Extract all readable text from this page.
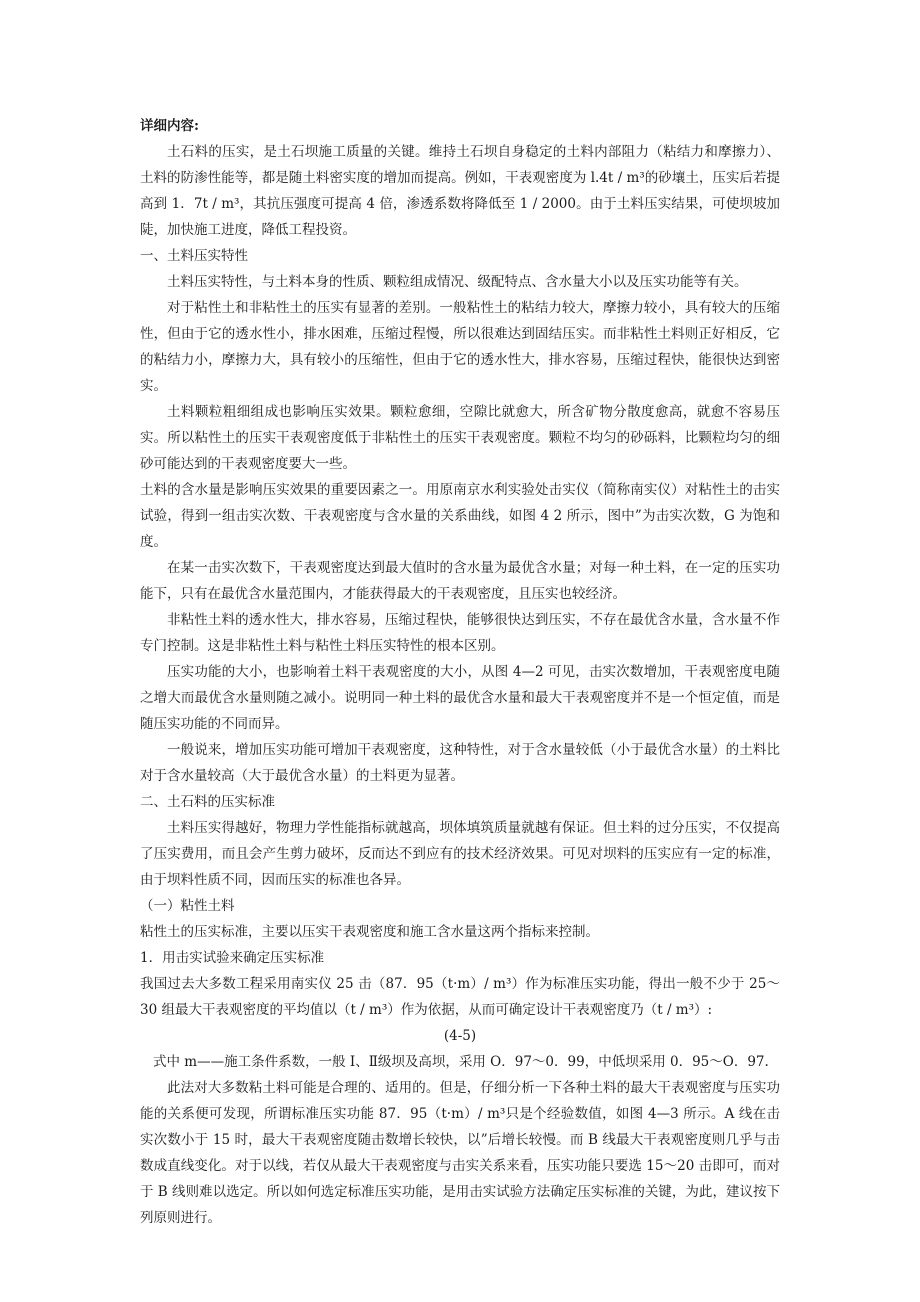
详细内容:

土石料的压实，是土石坝施工质量的关键。维持土石坝自身稳定的土料内部阻力（粘结力和摩擦力）、土料的防渗性能等，都是随土料密实度的增加而提高。例如，干表观密度为 l.4t / m³的砂壤土，压实后若提高到 1．7t / m³，其抗压强度可提高 4 倍，渗透系数将降低至 1 / 2000。由于土料压实结果，可使坝坡加陡，加快施工进度，降低工程投资。

一、土料压实特性

土料压实特性，与土料本身的性质、颗粒组成情况、级配特点、含水量大小以及压实功能等有关。

对于粘性土和非粘性土的压实有显著的差别。一般粘性土的粘结力较大，摩擦力较小，具有较大的压缩性，但由于它的透水性小，排水困难，压缩过程慢，所以很难达到固结压实。而非粘性土料则正好相反，它的粘结力小，摩擦力大，具有较小的压缩性，但由于它的透水性大，排水容易，压缩过程快，能很快达到密实。

土料颗粒粗细组成也影响压实效果。颗粒愈细，空隙比就愈大，所含矿物分散度愈高，就愈不容易压实。所以粘性土的压实干表观密度低于非粘性土的压实干表观密度。颗粒不均匀的砂砾料，比颗粒均匀的细砂可能达到的干表观密度要大一些。

土料的含水量是影响压实效果的重要因素之一。用原南京水利实验处击实仪（简称南实仪）对粘性土的击实试验，得到一组击实次数、干表观密度与含水量的关系曲线，如图 4 2 所示，图中”为击实次数，G 为饱和度。

在某一击实次数下，干表观密度达到最大值时的含水量为最优含水量；对每一种土料，在一定的压实功能下，只有在最优含水量范围内，才能获得最大的干表观密度，且压实也较经济。

非粘性土料的透水性大，排水容易，压缩过程快，能够很快达到压实，不存在最优含水量，含水量不作专门控制。这是非粘性土料与粘性土料压实特性的根本区别。

压实功能的大小，也影响着土料干表观密度的大小，从图 4—2 可见，击实次数增加，干表观密度电随之增大而最优含水量则随之减小。说明同一种土料的最优含水量和最大干表观密度并不是一个恒定值，而是随压实功能的不同而异。

一般说来，增加压实功能可增加干表观密度，这种特性，对于含水量较低（小于最优含水量）的土料比对于含水量较高（大于最优含水量）的土料更为显著。

二、土石料的压实标准

土料压实得越好，物理力学性能指标就越高，坝体填筑质量就越有保证。但土料的过分压实，不仅提高了压实费用，而且会产生剪力破坏，反而达不到应有的技术经济效果。可见对坝料的压实应有一定的标准，由于坝料性质不同，因而压实的标准也各异。

（一）粘性土料

粘性土的压实标准，主要以压实干表观密度和施工含水量这两个指标来控制。

1．用击实试验来确定压实标准

我国过去大多数工程采用南实仪 25 击（87．95（t·m）/ m³）作为标准压实功能，得出一般不少于 25～30 组最大干表观密度的平均值以（t / m³）作为依据，从而可确定设计干表观密度乃（t / m³）:

(4-5)

式中 m——施工条件系数，一般 I、Ⅱ级坝及高坝，采用 O．97～0．99，中低坝采用 0．95～O．97.

此法对大多数粘土料可能是合理的、适用的。但是，仔细分析一下各种土料的最大干表观密度与压实功能的关系便可发现，所谓标准压实功能 87．95（t·m）/ m³只是个经验数值，如图 4—3 所示。A 线在击实次数小于 15 时，最大干表观密度随击数增长较快，以”后增长较慢。而 B 线最大干表观密度则几乎与击数成直线变化。对于以线，若仅从最大干表观密度与击实关系来看，压实功能只要选 15～20 击即可，而对于 B 线则难以选定。所以如何选定标准压实功能，是用击实试验方法确定压实标准的关键，为此，建议按下列原则进行。
